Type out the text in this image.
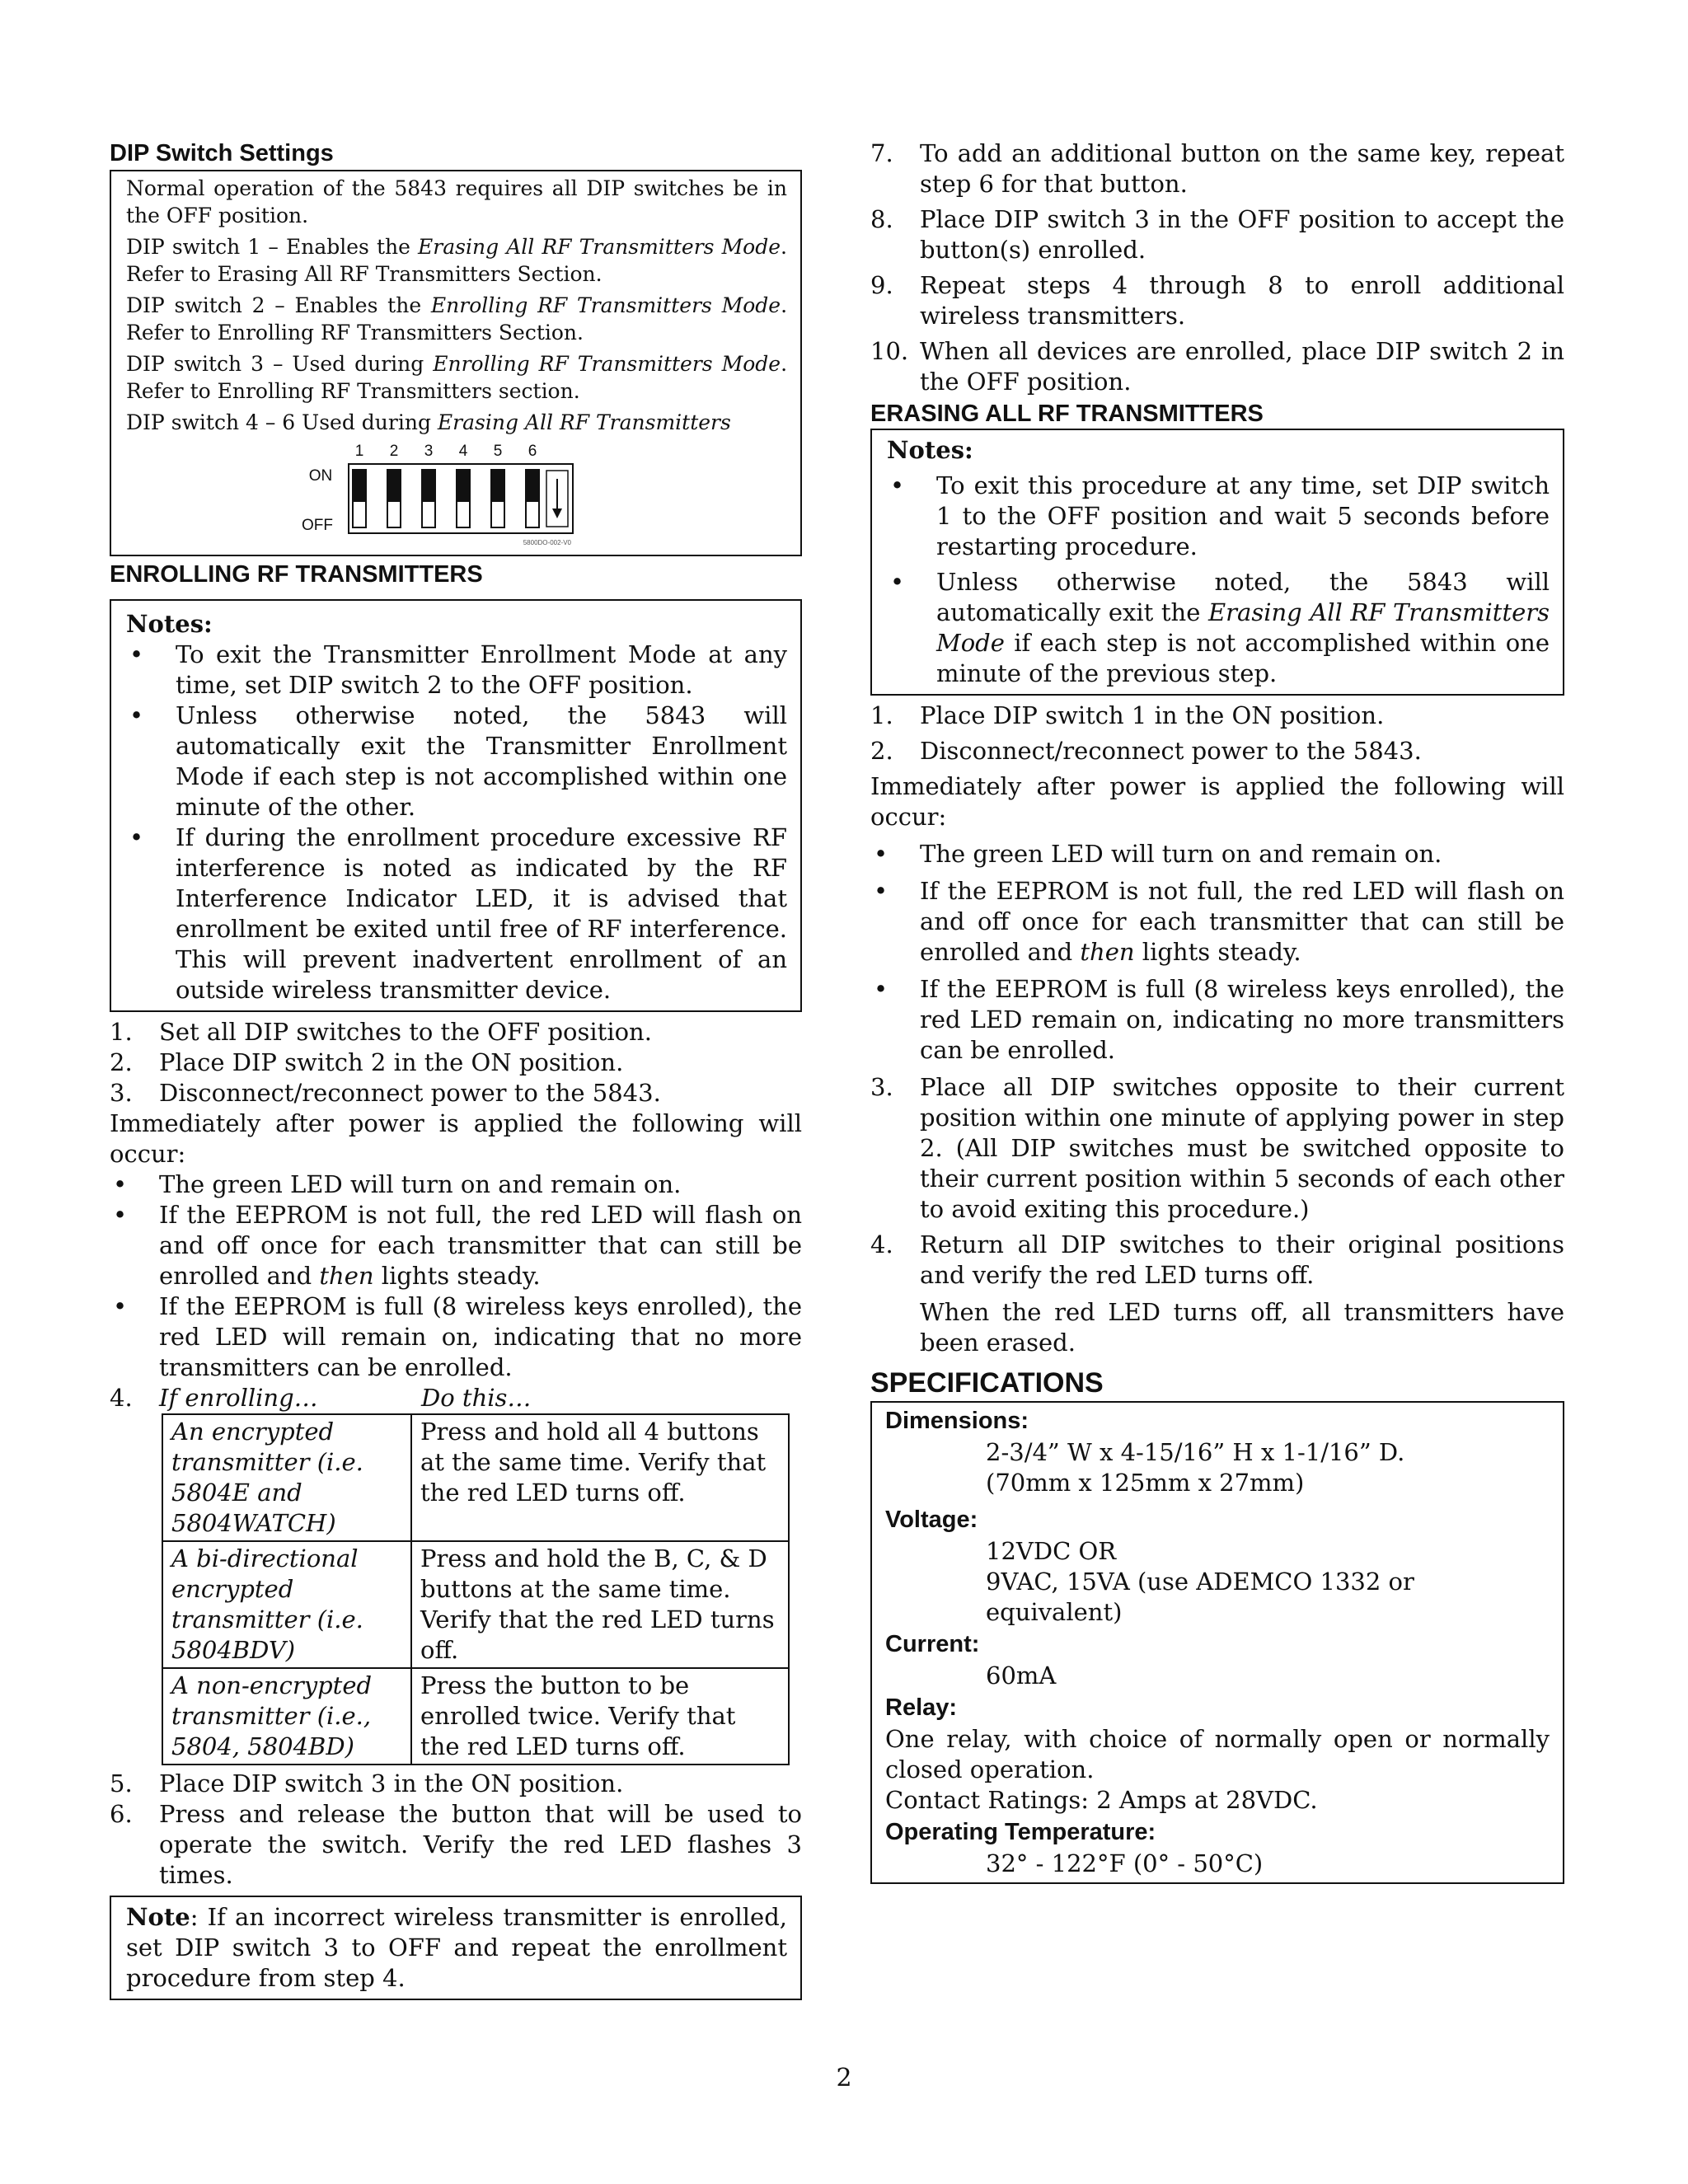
DIP Switch Settings

Normal operation of the 5843 requires all DIP switches be in the OFF position.

DIP switch 1 – Enables the Erasing All RF Transmitters Mode. Refer to Erasing All RF Transmitters Section.

DIP switch 2 – Enables the Enrolling RF Transmitters Mode. Refer to Enrolling RF Transmitters Section.

DIP switch 3 – Used during Enrolling RF Transmitters Mode. Refer to Enrolling RF Transmitters section.

DIP switch 4 – 6 Used during Erasing All RF Transmitters

1 2 3 4 5 6
ON
OFF
5800DO-002-V0
ENROLLING RF TRANSMITTERS
Notes:
•	To exit the Transmitter Enrollment Mode at any time, set DIP switch 2 to the OFF position.
•	Unless otherwise noted, the 5843 will automatically exit the Transmitter Enrollment Mode if each step is not accomplished within one minute of the other.
•	If during the enrollment procedure excessive RF interference is noted as indicated by the RF Interference Indicator LED, it is advised that enrollment be exited until free of RF interference. This will prevent inadvertent enrollment of an outside wireless transmitter device.
1.	Set all DIP switches to the OFF position.
2.	Place DIP switch 2 in the ON position.
3.	Disconnect/reconnect power to the 5843.

Immediately after power is applied the following will occur:

•	The green LED will turn on and remain on.
•	If the EEPROM is not full, the red LED will flash on and off once for each transmitter that can still be enrolled and then lights steady.
•	If the EEPROM is full (8 wireless keys enrolled), the red LED will remain on, indicating that no more transmitters can be enrolled.
4. If enrolling…	Do this…
An encrypted transmitter (i.e. 5804E and 5804WATCH)	Press and hold all 4 buttons at the same time. Verify that the red LED turns off.
A bi-directional encrypted transmitter (i.e. 5804BDV)	Press and hold the B, C, & D buttons at the same time. Verify that the red LED turns off.
A non-encrypted transmitter (i.e., 5804, 5804BD)	Press the button to be enrolled twice. Verify that the red LED turns off.
5.	Place DIP switch 3 in the ON position.
6.	Press and release the button that will be used to operate the switch. Verify the red LED flashes 3 times.

Note: If an incorrect wireless transmitter is enrolled, set DIP switch 3 to OFF and repeat the enrollment procedure from step 4.

7.	To add an additional button on the same key, repeat step 6 for that button.
8.	Place DIP switch 3 in the OFF position to accept the button(s) enrolled.
9.	Repeat steps 4 through 8 to enroll additional wireless transmitters.
10. When all devices are enrolled, place DIP switch 2 in the OFF position.
ERASING ALL RF TRANSMITTERS
Notes:
•	To exit this procedure at any time, set DIP switch 1 to the OFF position and wait 5 seconds before restarting procedure.
•	Unless otherwise noted, the 5843 will automatically exit the Erasing All RF Transmitters Mode if each step is not accomplished within one minute of the previous step.
1.	Place DIP switch 1 in the ON position.
2.	Disconnect/reconnect power to the 5843.

Immediately after power is applied the following will occur:

•	The green LED will turn on and remain on.
•	If the EEPROM is not full, the red LED will flash on and off once for each transmitter that can still be enrolled and then lights steady.
•	If the EEPROM is full (8 wireless keys enrolled), the red LED remain on, indicating no more transmitters can be enrolled.
3.	Place all DIP switches opposite to their current position within one minute of applying power in step 2. (All DIP switches must be switched opposite to their current position within 5 seconds of each other to avoid exiting this procedure.)
4.	Return all DIP switches to their original positions and verify the red LED turns off.

When the red LED turns off, all transmitters have been erased.

SPECIFICATIONS
Dimensions:
2-3/4” W x 4-15/16” H x 1-1/16” D.
(70mm x 125mm x 27mm)
Voltage:
12VDC OR
9VAC, 15VA (use ADEMCO 1332 or equivalent)
Current:
60mA
Relay:

One relay, with choice of normally open or normally closed operation.

Contact Ratings: 2 Amps at 28VDC.

Operating Temperature:
32° - 122°F (0° - 50°C)
2
